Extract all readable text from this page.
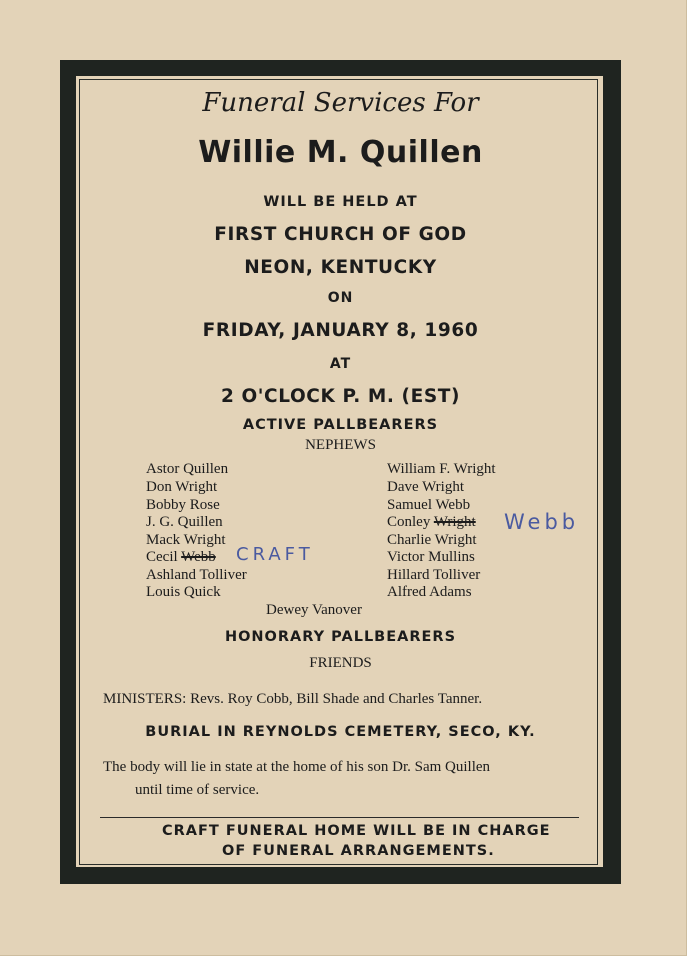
Funeral Services For
Willie M. Quillen
WILL BE HELD AT
FIRST CHURCH OF GOD
NEON, KENTUCKY
ON
FRIDAY, JANUARY 8, 1960
AT
2 O'CLOCK P. M. (EST)
ACTIVE PALLBEARERS
NEPHEWS
Astor Quillen
Don Wright
Bobby Rose
J. G. Quillen
Mack Wright
Cecil Webb
Ashland Tolliver
Louis Quick
CRAFT
William F. Wright
Dave Wright
Samuel Webb
Conley Wright
Charlie Wright
Victor Mullins
Hillard Tolliver
Alfred Adams
Webb
Dewey Vanover
HONORARY PALLBEARERS
FRIENDS
MINISTERS: Revs. Roy Cobb, Bill Shade and Charles Tanner.
BURIAL IN REYNOLDS CEMETERY, SECO, KY.
The body will lie in state at the home of his son Dr. Sam Quillen
until time of service.
CRAFT FUNERAL HOME WILL BE IN CHARGE
OF FUNERAL ARRANGEMENTS.
